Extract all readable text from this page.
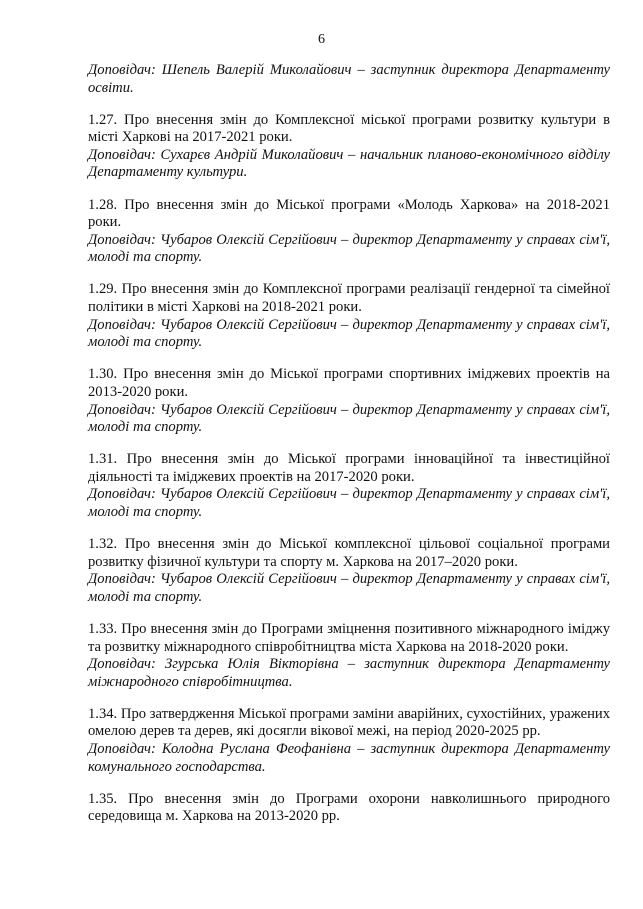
6
Доповідач: Шепель Валерій Миколайович – заступник директора Департаменту освіти.
1.27. Про внесення змін до Комплексної міської програми розвитку культури в місті Харкові на 2017-2021 роки.
Доповідач: Сухарєв Андрій Миколайович – начальник планово-економічного відділу Департаменту культури.
1.28. Про внесення змін до Міської програми «Молодь Харкова» на 2018-2021 роки.
Доповідач: Чубаров Олексій Сергійович – директор Департаменту у справах сім'ї, молоді та спорту.
1.29. Про внесення змін до Комплексної програми реалізації гендерної та сімейної політики в місті Харкові на 2018-2021 роки.
Доповідач: Чубаров Олексій Сергійович – директор Департаменту у справах сім'ї, молоді та спорту.
1.30. Про внесення змін до Міської програми спортивних іміджевих проектів на 2013-2020 роки.
Доповідач: Чубаров Олексій Сергійович – директор Департаменту у справах сім'ї, молоді та спорту.
1.31. Про внесення змін до Міської програми інноваційної та інвестиційної діяльності та іміджевих проектів на 2017-2020 роки.
Доповідач: Чубаров Олексій Сергійович – директор Департаменту у справах сім'ї, молоді та спорту.
1.32. Про внесення змін до Міської комплексної цільової соціальної програми розвитку фізичної культури та спорту м. Харкова на 2017–2020 роки.
Доповідач: Чубаров Олексій Сергійович – директор Департаменту у справах сім'ї, молоді та спорту.
1.33. Про внесення змін до Програми зміцнення позитивного міжнародного іміджу та розвитку міжнародного співробітництва міста Харкова на 2018-2020 роки.
Доповідач: Згурська Юлія Вікторівна – заступник директора Департаменту міжнародного співробітництва.
1.34. Про затвердження Міської програми заміни аварійних, сухостійних, уражених омелою дерев та дерев, які досягли вікової межі, на період 2020-2025 рр.
Доповідач: Колодна Руслана Феофанівна – заступник директора Департаменту комунального господарства.
1.35. Про внесення змін до Програми охорони навколишнього природного середовища м. Харкова на 2013-2020 рр.
